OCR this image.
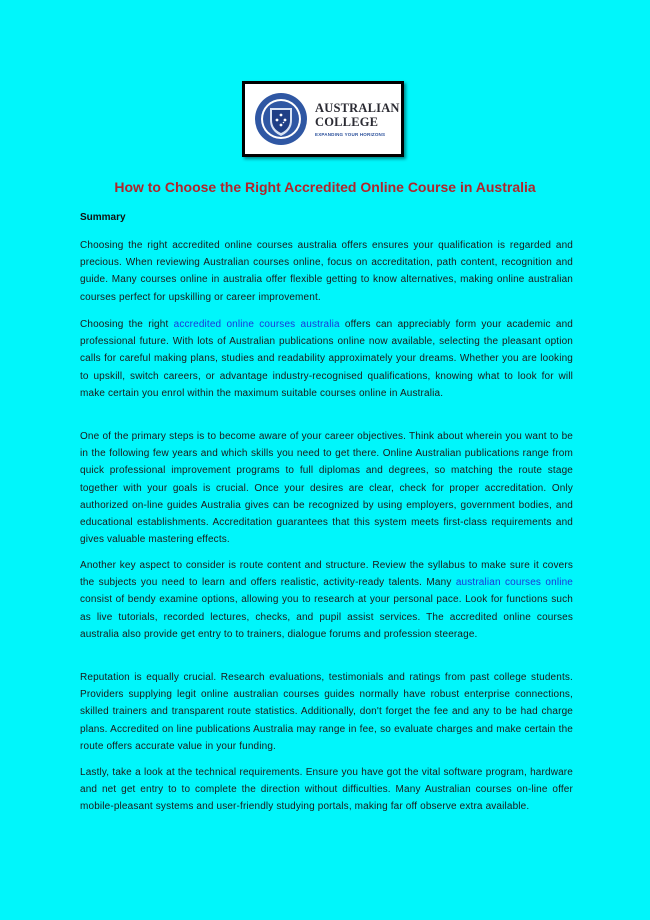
AUSTRALIAN
COLLEGE
EXPANDING YOUR HORIZONS
How to Choose the Right Accredited Online Course in Australia

Summary

Choosing the right accredited online courses australia offers ensures your qualification is regarded and precious. When reviewing Australian courses online, focus on accreditation, path content, recognition and guide. Many courses online in australia offer flexible getting to know alternatives, making online australian courses perfect for upskilling or career improvement.

Choosing the right accredited online courses australia offers can appreciably form your academic and professional future. With lots of Australian publications online now available, selecting the pleasant option calls for careful making plans, studies and readability approximately your dreams. Whether you are looking to upskill, switch careers, or advantage industry-recognised qualifications, knowing what to look for will make certain you enrol within the maximum suitable courses online in Australia.

One of the primary steps is to become aware of your career objectives. Think about wherein you want to be in the following few years and which skills you need to get there. Online Australian publications range from quick professional improvement programs to full diplomas and degrees, so matching the route stage together with your goals is crucial. Once your desires are clear, check for proper accreditation. Only authorized on-line guides Australia gives can be recognized by using employers, government bodies, and educational establishments. Accreditation guarantees that this system meets first-class requirements and gives valuable mastering effects.

Another key aspect to consider is route content and structure. Review the syllabus to make sure it covers the subjects you need to learn and offers realistic, activity-ready talents. Many australian courses online consist of bendy examine options, allowing you to research at your personal pace. Look for functions such as live tutorials, recorded lectures, checks, and pupil assist services. The accredited online courses australia also provide get entry to to trainers, dialogue forums and profession steerage.

Reputation is equally crucial. Research evaluations, testimonials and ratings from past college students. Providers supplying legit online australian courses guides normally have robust enterprise connections, skilled trainers and transparent route statistics. Additionally, don't forget the fee and any to be had charge plans. Accredited on line publications Australia may range in fee, so evaluate charges and make certain the route offers accurate value in your funding.

Lastly, take a look at the technical requirements. Ensure you have got the vital software program, hardware and net get entry to to complete the direction without difficulties. Many Australian courses on-line offer mobile-pleasant systems and user-friendly studying portals, making far off observe extra available.
